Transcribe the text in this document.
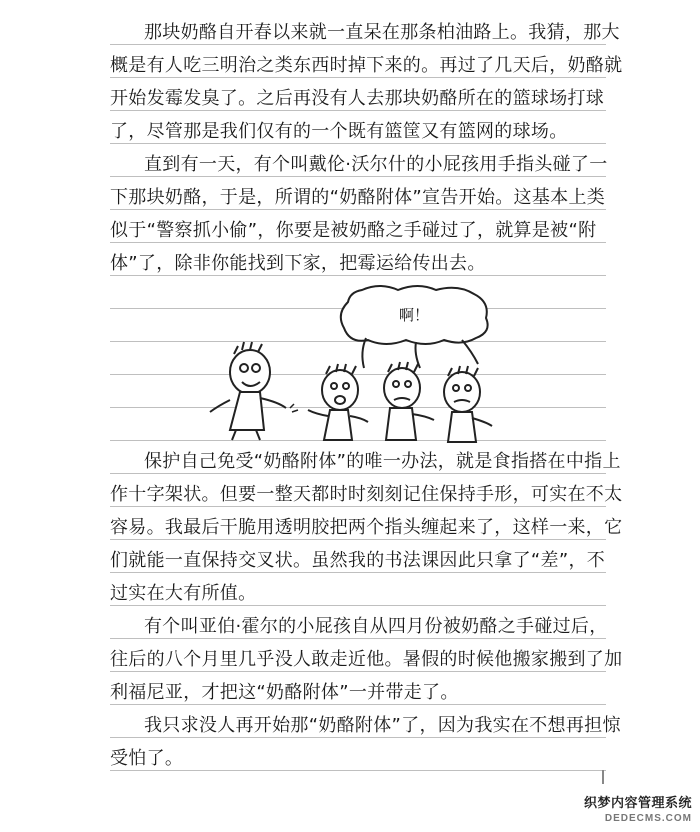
那块奶酪自开春以来就一直呆在那条柏油路上。我猜，那大
概是有人吃三明治之类东西时掉下来的。再过了几天后，奶酪就
开始发霉发臭了。之后再没有人去那块奶酪所在的篮球场打球
了，尽管那是我们仅有的一个既有篮筐又有篮网的球场。
直到有一天，有个叫戴伦·沃尔什的小屁孩用手指头碰了一
下那块奶酪，于是，所谓的“奶酪附体”宣告开始。这基本上类
似于“警察抓小偷”，你要是被奶酪之手碰过了，就算是被“附
体”了，除非你能找到下家，把霉运给传出去。
啊！
保护自己免受“奶酪附体”的唯一办法，就是食指搭在中指上
作十字架状。但要一整天都时时刻刻记住保持手形，可实在不太
容易。我最后干脆用透明胶把两个指头缠起来了，这样一来，它
们就能一直保持交叉状。虽然我的书法课因此只拿了“差”，不
过实在大有所值。
有个叫亚伯·霍尔的小屁孩自从四月份被奶酪之手碰过后，
往后的八个月里几乎没人敢走近他。暑假的时候他搬家搬到了加
利福尼亚，才把这“奶酪附体”一并带走了。
我只求没人再开始那“奶酪附体”了，因为我实在不想再担惊
受怕了。
织梦内容管理系统
DEDECMS.COM
